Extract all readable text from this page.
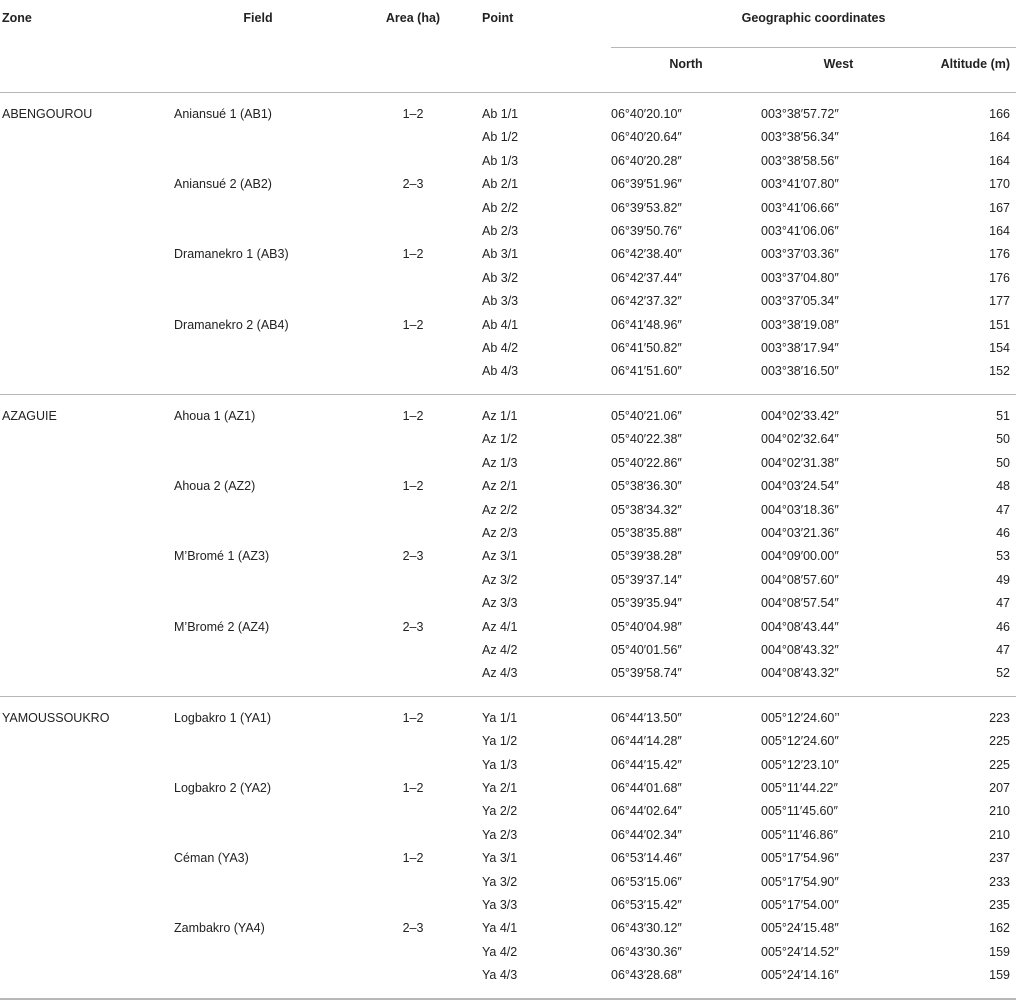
Zone	Field	Area (ha)	Point	Geographic coordinates		
				North	West	Altitude (m)
ABENGOUROU	Aniansué 1 (AB1)	1–2	Ab 1/1	06°40′20.10″	003°38′57.72″	166
			Ab 1/2	06°40′20.64″	003°38′56.34″	164
			Ab 1/3	06°40′20.28″	003°38′58.56″	164
	Aniansué 2 (AB2)	2–3	Ab 2/1	06°39′51.96″	003°41′07.80″	170
			Ab 2/2	06°39′53.82″	003°41′06.66″	167
			Ab 2/3	06°39′50.76″	003°41′06.06″	164
	Dramanekro 1 (AB3)	1–2	Ab 3/1	06°42′38.40″	003°37′03.36″	176
			Ab 3/2	06°42′37.44″	003°37′04.80″	176
			Ab 3/3	06°42′37.32″	003°37′05.34″	177
	Dramanekro 2 (AB4)	1–2	Ab 4/1	06°41′48.96″	003°38′19.08″	151
			Ab 4/2	06°41′50.82″	003°38′17.94″	154
			Ab 4/3	06°41′51.60″	003°38′16.50″	152
AZAGUIE	Ahoua 1 (AZ1)	1–2	Az 1/1	05°40′21.06″	004°02′33.42″	51
			Az 1/2	05°40′22.38″	004°02′32.64″	50
			Az 1/3	05°40′22.86″	004°02′31.38″	50
	Ahoua 2 (AZ2)	1–2	Az 2/1	05°38′36.30″	004°03′24.54″	48
			Az 2/2	05°38′34.32″	004°03′18.36″	47
			Az 2/3	05°38′35.88″	004°03′21.36″	46
	M’Bromé 1 (AZ3)	2–3	Az 3/1	05°39′38.28″	004°09′00.00″	53
			Az 3/2	05°39′37.14″	004°08′57.60″	49
			Az 3/3	05°39′35.94″	004°08′57.54″	47
	M’Bromé 2 (AZ4)	2–3	Az 4/1	05°40′04.98″	004°08′43.44″	46
			Az 4/2	05°40′01.56″	004°08′43.32″	47
			Az 4/3	05°39′58.74″	004°08′43.32″	52
YAMOUSSOUKRO	Logbakro 1 (YA1)	1–2	Ya 1/1	06°44′13.50″	005°12′24.60’’	223
			Ya 1/2	06°44′14.28″	005°12′24.60″	225
			Ya 1/3	06°44′15.42″	005°12′23.10″	225
	Logbakro 2 (YA2)	1–2	Ya 2/1	06°44′01.68″	005°11′44.22″	207
			Ya 2/2	06°44′02.64″	005°11′45.60″	210
			Ya 2/3	06°44′02.34″	005°11′46.86″	210
	Céman (YA3)	1–2	Ya 3/1	06°53′14.46″	005°17′54.96″	237
			Ya 3/2	06°53′15.06″	005°17′54.90″	233
			Ya 3/3	06°53′15.42″	005°17′54.00″	235
	Zambakro (YA4)	2–3	Ya 4/1	06°43′30.12″	005°24′15.48″	162
			Ya 4/2	06°43′30.36″	005°24′14.52″	159
			Ya 4/3	06°43′28.68″	005°24′14.16″	159
